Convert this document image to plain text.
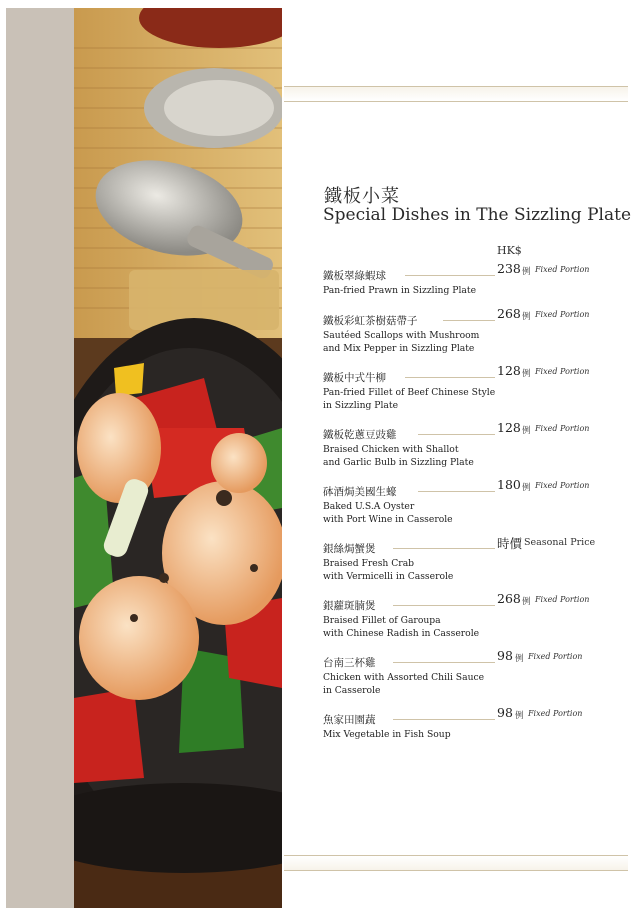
鐵板小菜
Special Dishes in The Sizzling Plate
HK$
鐵板翠綠蝦球
Pan-fried Prawn in Sizzling Plate
238 例 Fixed Portion
鐵板彩虹茶樹菇帶子
Sautéed Scallops with Mushroom
and Mix Pepper in Sizzling Plate
268 例 Fixed Portion
鐵板中式牛柳
Pan-fried Fillet of Beef Chinese Style
in Sizzling Plate
128 例 Fixed Portion
鐵板乾蔥豆豉雞
Braised Chicken with Shallot
and Garlic Bulb in Sizzling Plate
128 例 Fixed Portion
砵酒焗美國生蠔
Baked U.S.A Oyster
with Port Wine in Casserole
180 例 Fixed Portion
銀絲焗蟹煲
Braised Fresh Crab
with Vermicelli in Casserole
時價 Seasonal Price
銀蘿斑腩煲
Braised Fillet of Garoupa
with Chinese Radish in Casserole
268 例 Fixed Portion
台南三杯雞
Chicken with Assorted Chili Sauce
in Casserole
98 例 Fixed Portion
魚家田園蔬
Mix Vegetable in Fish Soup
98 例 Fixed Portion
